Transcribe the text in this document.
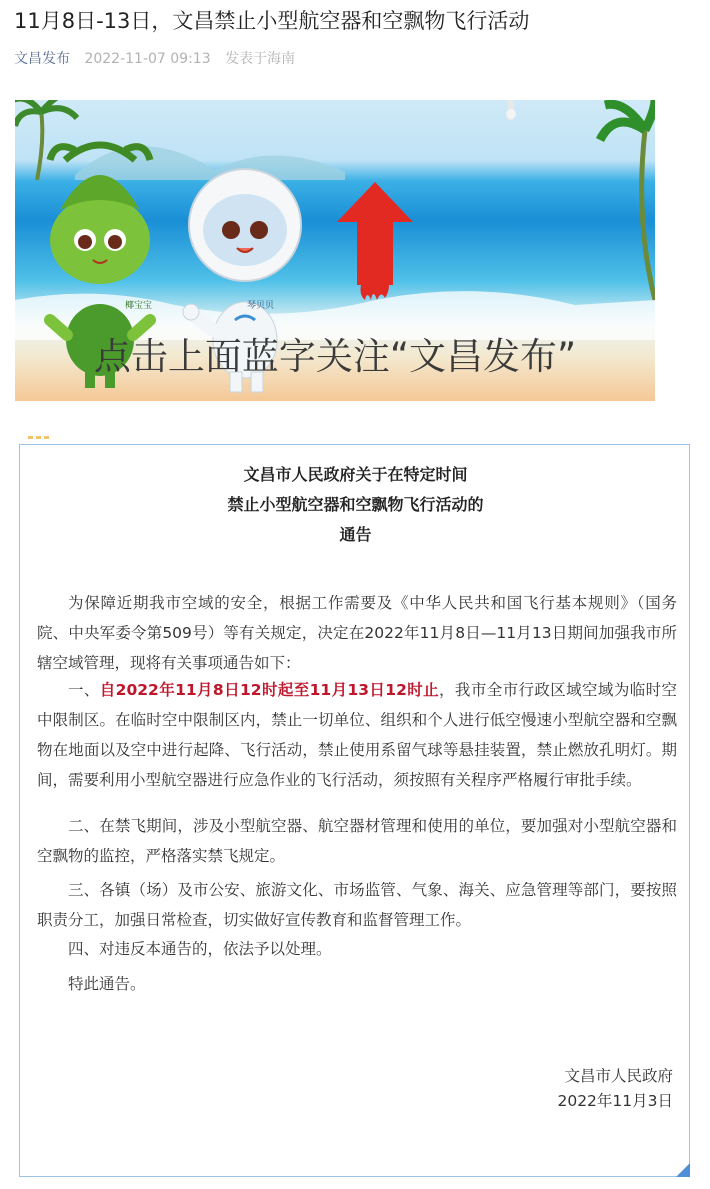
11月8日-13日，文昌禁止小型航空器和空飘物飞行活动
文昌发布 2022-11-07 09:13 发表于海南
椰宝宝	琴贝贝
点击上面蓝字关注“文昌发布”
文昌市人民政府关于在特定时间
禁止小型航空器和空飘物飞行活动的
通告
为保障近期我市空域的安全，根据工作需要及《中华人民共和国飞行基本规则》（国务院、中央军委令第509号）等有关规定，决定在2022年11月8日—11月13日期间加强我市所辖空域管理，现将有关事项通告如下：
一、自2022年11月8日12时起至11月13日12时止，我市全市行政区域空域为临时空中限制区。在临时空中限制区内，禁止一切单位、组织和个人进行低空慢速小型航空器和空飘物在地面以及空中进行起降、飞行活动，禁止使用系留气球等悬挂装置，禁止燃放孔明灯。期间，需要利用小型航空器进行应急作业的飞行活动，须按照有关程序严格履行审批手续。
二、在禁飞期间，涉及小型航空器、航空器材管理和使用的单位，要加强对小型航空器和空飘物的监控，严格落实禁飞规定。
三、各镇（场）及市公安、旅游文化、市场监管、气象、海关、应急管理等部门，要按照职责分工，加强日常检查，切实做好宣传教育和监督管理工作。
四、对违反本通告的，依法予以处理。
特此通告。
文昌市人民政府
2022年11月3日
